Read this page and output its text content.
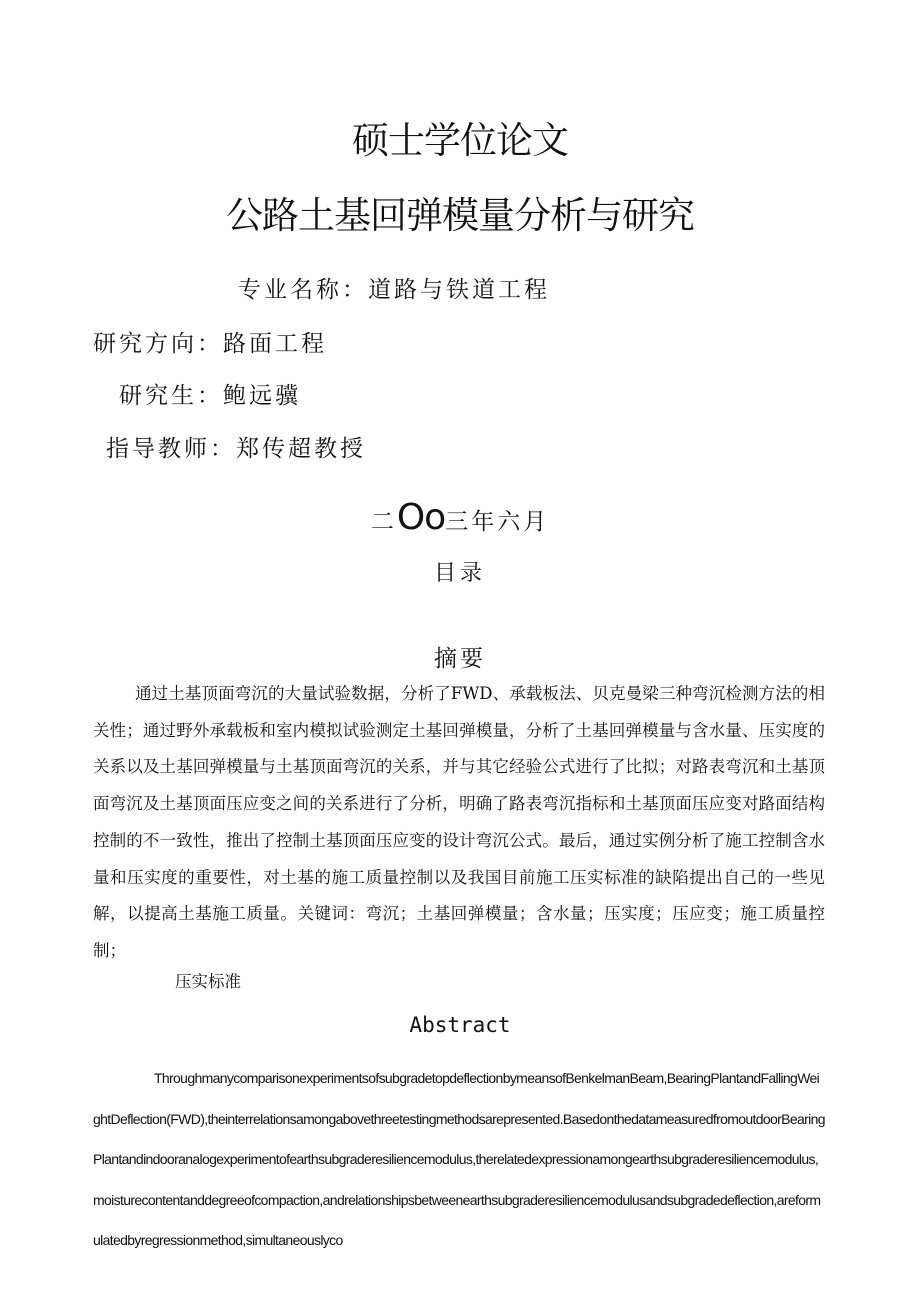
硕士学位论文
公路土基回弹模量分析与研究
专业名称：道路与铁道工程
研究方向：路面工程
研究生：鲍远骥
指导教师：郑传超教授
二Oo三年六月
目录
摘要

通过土基顶面弯沉的大量试验数据，分析了FWD、承载板法、贝克曼梁三种弯沉检测方法的相关性；通过野外承载板和室内模拟试验测定土基回弹模量，分析了土基回弹模量与含水量、压实度的关系以及土基回弹模量与土基顶面弯沉的关系，并与其它经验公式进行了比拟；对路表弯沉和土基顶面弯沉及土基顶面压应变之间的关系进行了分析，明确了路表弯沉指标和土基顶面压应变对路面结构控制的不一致性，推出了控制土基顶面压应变的设计弯沉公式。最后，通过实例分析了施工控制含水量和压实度的重要性，对土基的施工质量控制以及我国目前施工压实标准的缺陷提出自己的一些见解，以提高土基施工质量。关键词：弯沉；土基回弹模量；含水量；压实度；压应变；施工质量控制；

压实标准
Abstract

ThroughmanycomparisonexperimentsofsubgradetopdeflectionbymeansofBenkelmanBeam,BearingPlantandFallingWeightDeflection(FWD),theinterrelationsamongabovethreetestingmethodsarepresented.BasedonthedatameasuredfromoutdoorBearingPlantandindooranalogexperimentofearthsubgraderesiliencemodulus,therelatedexpressionamongearthsubgraderesiliencemodulus,moisturecontentanddegreeofcompaction,andrelationshipsbetweenearthsubgraderesiliencemodulusandsubgradedeflection,areformulatedbyregressionmethod,simultaneouslyco
